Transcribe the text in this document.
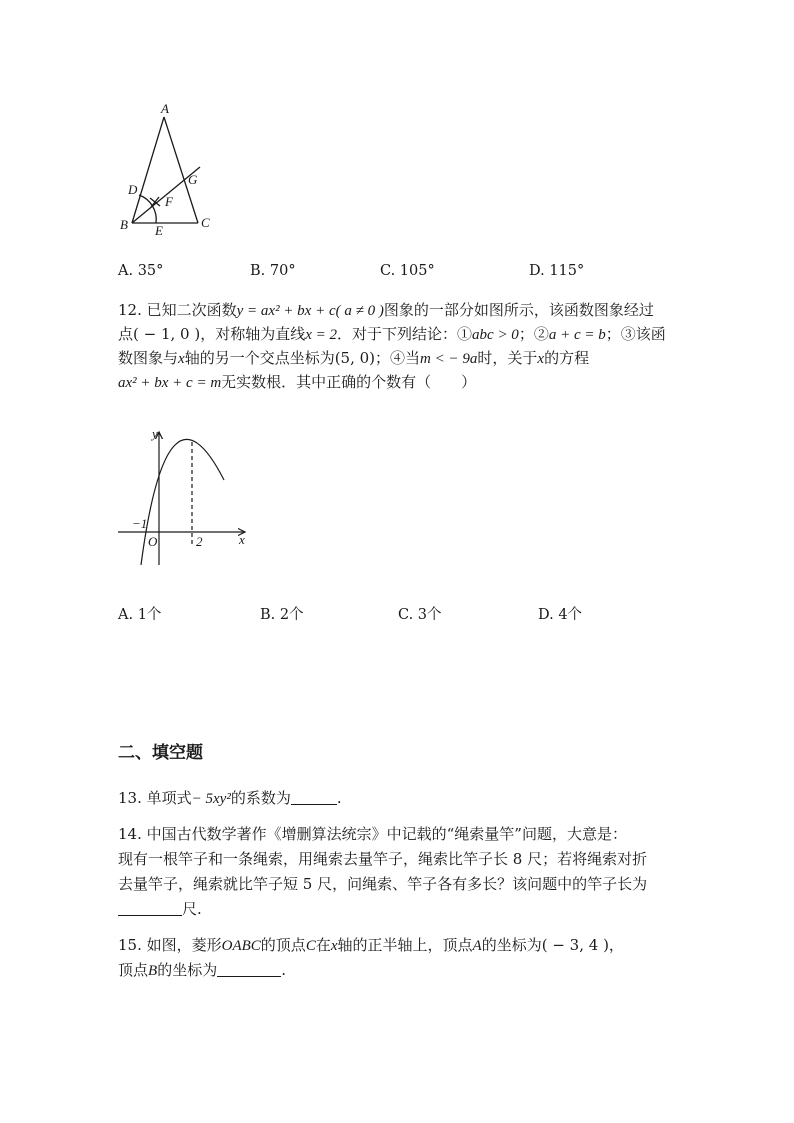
A
B	C
D
E
F
G
A. 35°	B. 70°	C. 105°	D. 115°
12. 已知二次函数y = ax² + bx + c( a ≠ 0 )图象的一部分如图所示，该函数图象经过
点( − 1, 0 )，对称轴为直线x = 2．对于下列结论：①abc > 0；②a + c = b；③该函
数图象与x轴的另一个交点坐标为(5, 0)；④当m < − 9a时，关于x的方程
ax² + bx + c = m无实数根．其中正确的个数有（　　）
y
x
O
−1
2
A. 1个	B. 2个	C. 3个	D. 4个
二、填空题
13. 单项式− 5xy²的系数为	.
14. 中国古代数学著作《增删算法统宗》中记载的“绳索量竿”问题，大意是：
现有一根竿子和一条绳索，用绳索去量竿子，绳索比竿子长 8 尺；若将绳索对折
去量竿子，绳索就比竿子短 5 尺，问绳索、竿子各有多长？该问题中的竿子长为
尺.
15. 如图，菱形OABC的顶点C在x轴的正半轴上，顶点A的坐标为( − 3, 4 )，
顶点B的坐标为	.
